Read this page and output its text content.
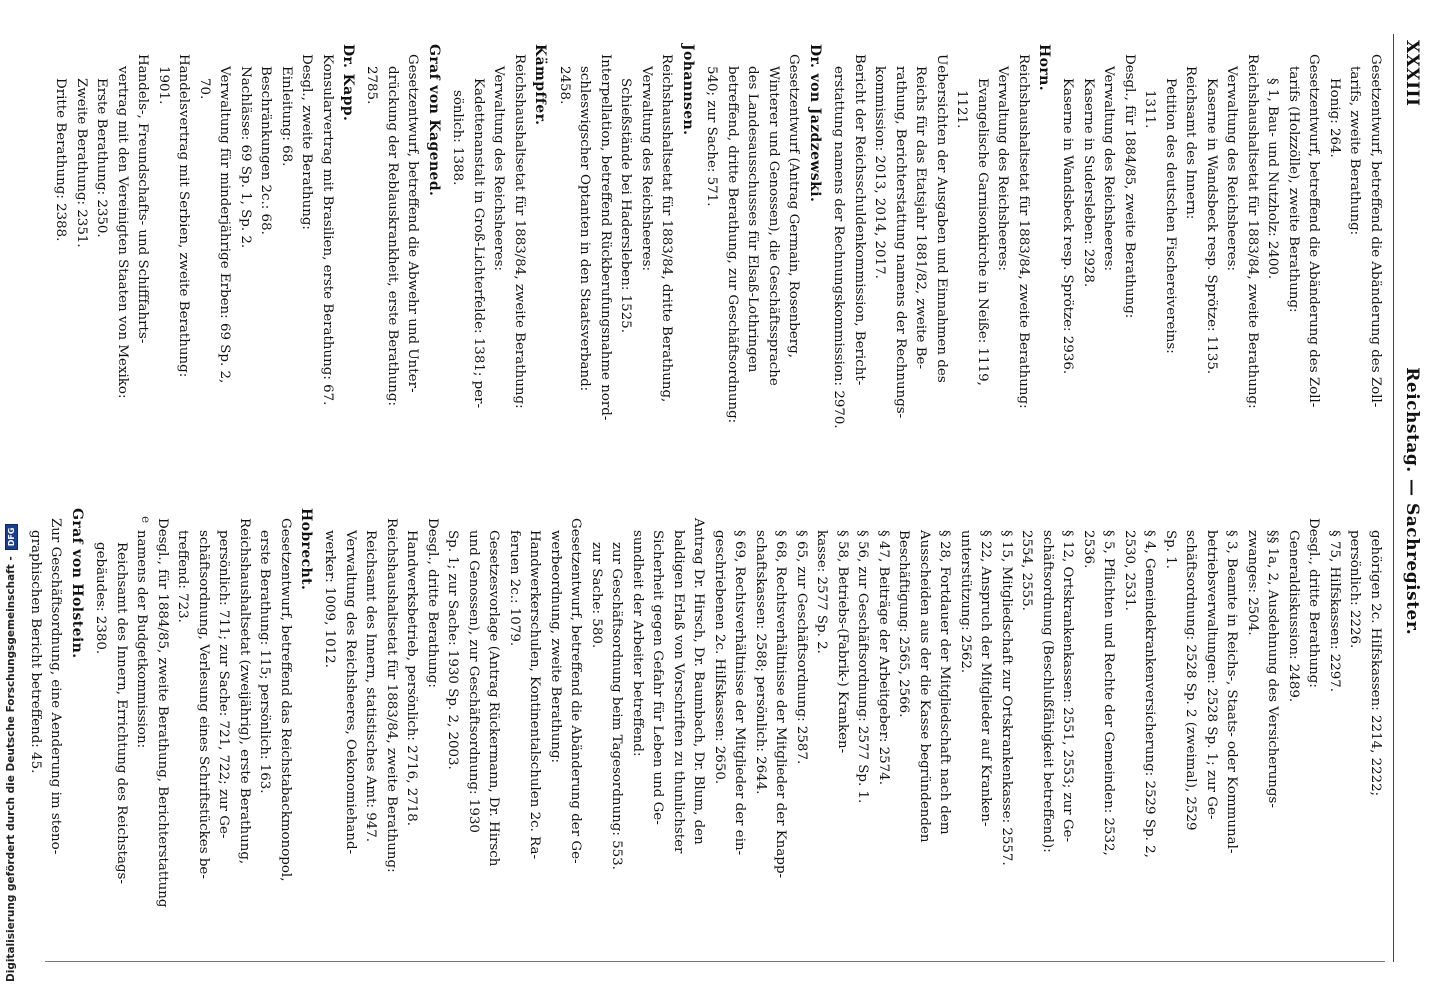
XXXIII
Reichstag. — Sachregister.
Gesetzentwurf, betreffend die Abänderung des Zoll-
tarifs, zweite Berathung:
Honig: 264.
Gesetzentwurf, betreffend die Abänderung des Zoll-
tarifs (Holzzölle), zweite Berathung:
§ 1, Bau- und Nutzholz: 2400.
Reichshaushaltsetat für 1883/84, zweite Berathung:
Verwaltung des Reichsheeres:
Kaserne in Wandsbeck resp. Sprötze: 1135.
Reichsamt des Innern:
Petition des deutschen Fischereivereins:
1311.
Desgl., für 1884/85, zweite Berathung:
Verwaltung des Reichsheeres:
Kaserne in Sudersleben: 2928.
Kaserne in Wandsbeck resp. Sprötze: 2936.
Horn.
Reichshaushaltsetat für 1883/84, zweite Berathung:
Verwaltung des Reichsheeres:
Evangelische Garnisonkirche in Neiße: 1119,
1121.
Uebersichten der Ausgaben und Einnahmen des
Reichs für das Etatsjahr 1881/82, zweite Be-
rathung, Berichterstattung namens der Rechnungs-
kommission: 2013, 2014, 2017.
Bericht der Reichsschuldenkommission, Bericht-
erstattung namens der Rechnungskommission: 2970.
Dr. von Jazdzewski.
Gesetzentwurf (Antrag Germain, Rosenberg,
Winterer und Genossen), die Geschäftssprache
des Landesausschusses für Elsaß-Lothringen
betreffend, dritte Berathung, zur Geschäftsordnung:
540; zur Sache: 571.
Johannsen.
Reichshaushaltsetat für 1883/84, dritte Berathung,
Verwaltung des Reichsheeres:
Schießstände bei Hadersleben: 1525.
Interpellation, betreffend Rückberufungsnahme nord-
schleswigscher Optanten in den Staatsverband:
2458.
Kämpffer.
Reichshaushaltsetat für 1883/84, zweite Berathung:
Verwaltung des Reichsheeres:
Kadettenanstalt in Groß-Lichterfelde: 1381; per-
sönlich: 1388.
Graf von Kagened.
Gesetzentwurf, betreffend die Abwehr und Unter-
drückung der Reblauskrankheit, erste Berathung:
2785.
Dr. Kapp.
Konsularvertrag mit Brasilien, erste Berathung: 67.
Desgl., zweite Berathung:
Einleitung: 68.
Beschränkungen 2c.: 68.
Nachlässe: 69 Sp. 1, Sp. 2.
Verwaltung für minderjährige Erben: 69 Sp. 2,
70.
Handelsvertrag mit Serbien, zweite Berathung:
1901.
Handels-, Freundschafts- und Schifffahrts-
vertrag mit den Vereinigten Staaten von Mexiko:
Erste Berathung: 2350.
Zweite Berathung: 2351.
Dritte Berathung: 2388.
gehörigen 2c. Hilfskassen: 2214, 2222;
persönlich: 2226.
§ 75, Hilfskassen: 2297.
Desgl., dritte Berathung:
Generaldiskussion: 2489.
§§ 1a, 2, Ausdehnung des Versicherungs-
zwanges: 2504.
§ 3, Beamte in Reichs-, Staats- oder Kommunal-
betriebsverwaltungen: 2528 Sp. 1; zur Ge-
schäftsordnung: 2528 Sp. 2 (zweimal), 2529
Sp. 1.
§ 4, Gemeindekrankenversicherung: 2529 Sp. 2,
2530, 2531.
§ 5, Pflichten und Rechte der Gemeinden: 2532,
2536.
§ 12, Ortskrankenkassen: 2551, 2553; zur Ge-
schäftsordnung (Beschlußfähigkeit betreffend):
2554, 2555.
§ 15, Mitgliedschaft zur Ortskrankenkasse: 2557.
§ 22, Anspruch der Mitglieder auf Kranken-
unterstützung: 2562.
§ 28, Fortdauer der Mitgliedschaft nach dem
Ausscheiden aus der die Kasse begründenden
Beschäftigung: 2565, 2566.
§ 47, Beiträge der Arbeitgeber: 2574.
§ 56, zur Geschäftsordnung: 2577 Sp. 1.
§ 58, Betriebs-(Fabrik-) Kranken-
kasse: 2577 Sp. 2.
§ 65, zur Geschäftsordnung: 2587.
§ 68, Rechtsverhältnisse der Mitglieder der Knapp-
schaftskassen: 2588; persönlich: 2644.
§ 69, Rechtsverhältnisse der Mitglieder der ein-
geschriebenen 2c. Hilfskassen: 2650.
Antrag Dr. Hirsch, Dr. Baumbach, Dr. Blum, den
baldigen Erlaß von Vorschriften zu thunlichster
Sicherheit gegen Gefahr für Leben und Ge-
sundheit der Arbeiter betreffend:
zur Geschäftsordnung beim Tagesordnung: 553.
zur Sache: 580.
Gesetzentwurf, betreffend die Abänderung der Ge-
werbeordnung, zweite Berathung:
Handwerkerschulen, Kontinentalschulen 2c. Ra-
feruen 2c.: 1079.
Gesetzesvorlage (Antrag Rückermann, Dr. Hirsch
und Genossen), zur Geschäftsordnung: 1930
Sp. 1; zur Sache: 1930 Sp. 2, 2003.
Desgl., dritte Berathung:
Handwerksbetrieb, persönlich: 2716, 2718.
Reichshaushaltsetat für 1883/84, zweite Berathung:
Reichsamt des Innern, statistisches Amt: 947.
Verwaltung des Reichsheeres, Oekonomiehand-
werker: 1009, 1012.
Hobrecht.
Gesetzentwurf, betreffend das Reichstabackmonopol,
erste Berathung: 115; persönlich: 163.
Reichshaushaltsetat (zweijährig), erste Berathung,
persönlich: 711; zur Sache: 721, 722; zur Ge-
schäftsordnung, Verlesung eines Schriftstückes be-
treffend: 723.
Desgl., für 1884/85, zweite Berathung, Berichterstattung
namens der Budgetkommission:
Reichsamt des Innern, Errichtung des Reichstags-
gebäudes: 2380.
Graf von Holstein.
Zur Geschäftsordnung, eine Aenderung im steno-
graphischen Bericht betreffend: 45.
e
Digitalisierung gefördert durch die Deutsche Forschungsgemeinschaft -
DFG
